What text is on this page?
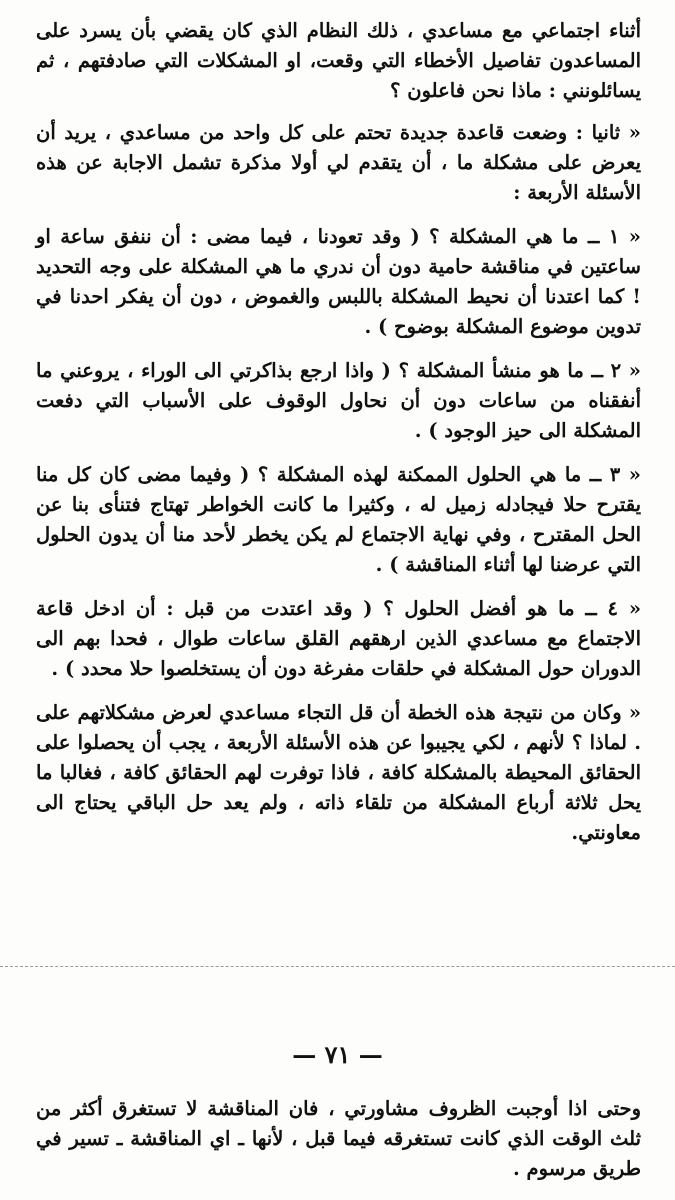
أثناء اجتماعي مع مساعدي ، ذلك النظام الذي كان يقضي بأن يسرد على المساعدون تفاصيل الأخطاء التي وقعت، او المشكلات التي صادفتهم ، ثم يسائلونني : ماذا نحن فاعلون ؟

« ثانيا : وضعت قاعدة جديدة تحتم على كل واحد من مساعدي ، يريد أن يعرض على مشكلة ما ، أن يتقدم لي أولا مذكرة تشمل الاجابة عن هذه الأسئلة الأربعة :

« ١ ــ ما هي المشكلة ؟ ( وقد تعودنا ، فيما مضى : أن ننفق ساعة او ساعتين في مناقشة حامية دون أن ندري ما هي المشكلة على وجه التحديد ! كما اعتدنا أن نحيط المشكلة باللبس والغموض ، دون أن يفكر احدنا في تدوين موضوع المشكلة بوضوح ) .

« ٢ ــ ما هو منشأ المشكلة ؟ ( واذا ارجع بذاكرتي الى الوراء ، يروعني ما أنفقناه من ساعات دون أن نحاول الوقوف على الأسباب التي دفعت المشكلة الى حيز الوجود ) .

« ٣ ــ ما هي الحلول الممكنة لهذه المشكلة ؟ ( وفيما مضى كان كل منا يقترح حلا فيجادله زميل له ، وكثيرا ما كانت الخواطر تهتاج فتنأى بنا عن الحل المقترح ، وفي نهاية الاجتماع لم يكن يخطر لأحد منا أن يدون الحلول التي عرضنا لها أثناء المناقشة ) .

« ٤ ــ ما هو أفضل الحلول ؟ ( وقد اعتدت من قبل : أن ادخل قاعة الاجتماع مع مساعدي الذين ارهقهم القلق ساعات طوال ، فحدا بهم الى الدوران حول المشكلة في حلقات مفرغة دون أن يستخلصوا حلا محدد ) .

« وكان من نتيجة هذه الخطة أن قل التجاء مساعدي لعرض مشكلاتهم على . لماذا ؟ لأنهم ، لكي يجيبوا عن هذه الأسئلة الأربعة ، يجب أن يحصلوا على الحقائق المحيطة بالمشكلة كافة ، فاذا توفرت لهم الحقائق كافة ، فغالبا ما يحل ثلاثة أرباع المشكلة من تلقاء ذاته ، ولم يعد حل الباقي يحتاج الى معاونتي.

— ٧١ —

وحتى اذا أوجبت الظروف مشاورتي ، فان المناقشة لا تستغرق أكثر من ثلث الوقت الذي كانت تستغرقه فيما قبل ، لأنها ـ اي المناقشة ـ تسير في طريق مرسوم .
